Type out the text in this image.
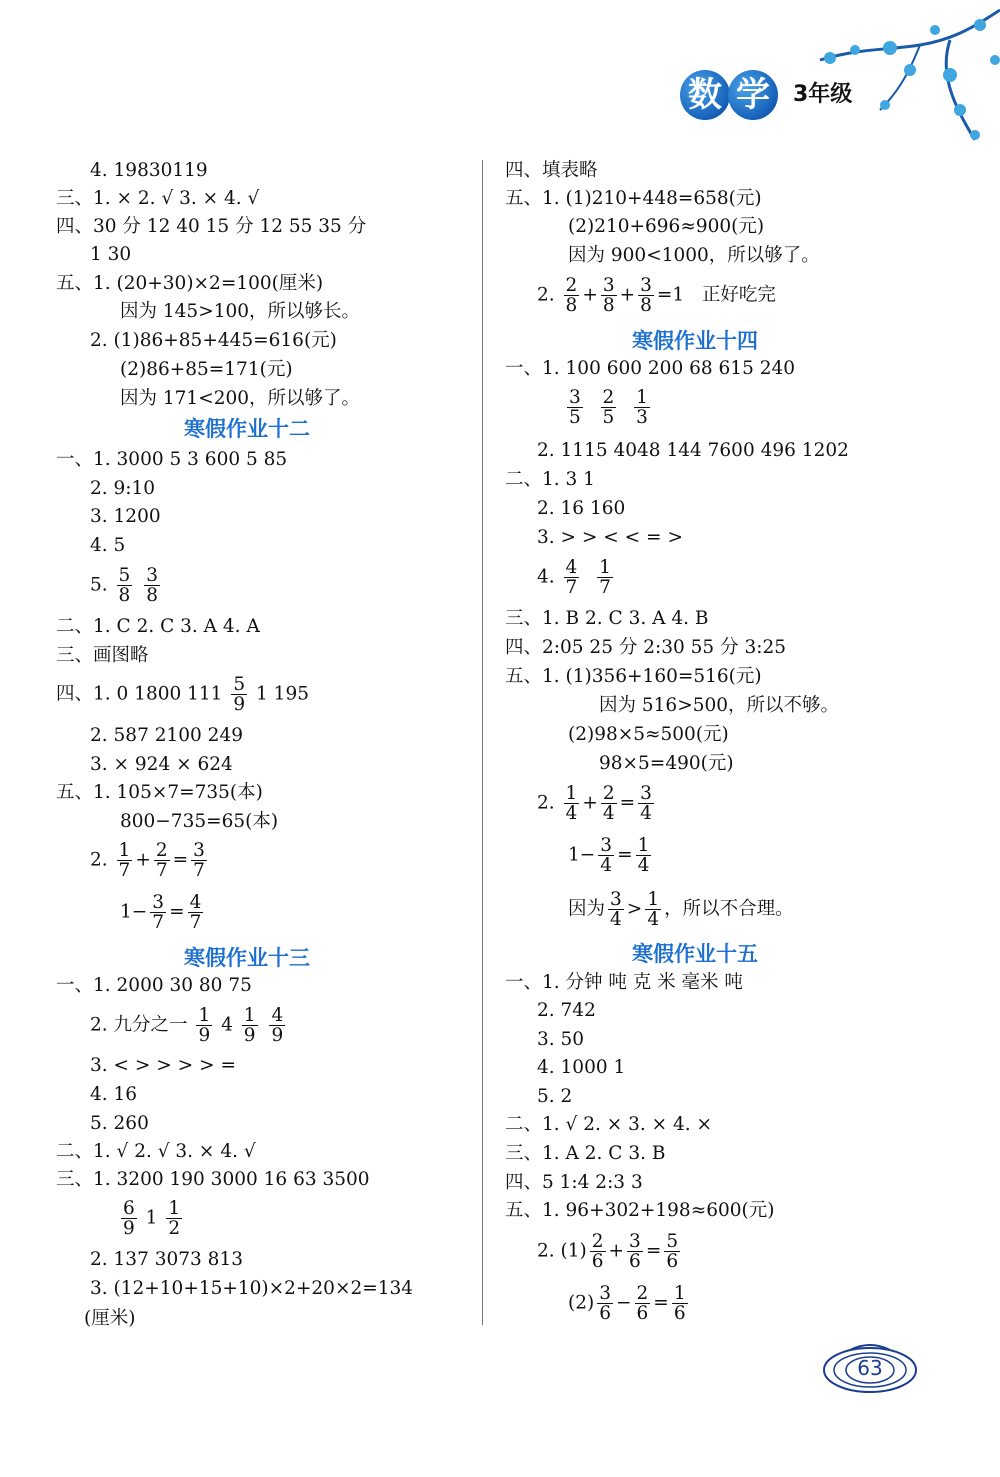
数 学	3年级
4. 19830119
三、1. × 2. √ 3. × 4. √
四、30 分 12 40 15 分 12 55 35 分
1 30
五、1. (20+30)×2=100(厘米)
因为 145>100，所以够长。
2. (1)86+85+445=616(元)
(2)86+85=171(元)
因为 171<200，所以够了。
寒假作业十二
一、1. 3000 5 3 600 5 85
2. 9:10
3. 1200
4. 5
5. $\frac{5}{8}$
$\frac{3}{8}$
二、1. C 2. C 3. A 4. A
三、画图略
四、1. 0 1800 $111 \frac{5}{9} 1$ 195
2. 587 2100 249
3. × 924 × 624
五、1. 105×7=735(本)
800−735=65(本)
2. $\frac{1}{7} + \frac{2}{7} = \frac{3}{7}$
$1- \frac{3}{7} = \frac{4}{7}$
寒假作业十三
一、1. 2000 30 80 75
2. 九分之一 $\frac{1}{9} 4 \frac{1}{9}$
$\frac{4}{9}$
3. < > > > > =
4. 16
5. 260
二、1. √ 2. √ 3. × 4. √
三、1. 3200 190 3000 16 63 3500
$\frac{6}{9} 1 \frac{1}{2}$
2. 137 3073 813
3. (12+10+15+10)×2+20×2=134
(厘米)
四、填表略
五、1. (1)210+448=658(元)
(2)210+696≈900(元)
因为 900<1000，所以够了。
2. $\frac{2}{8} + \frac{3}{8} + \frac{3}{8} =1$   正好吃完
寒假作业十四
一、1. 100 600 200 68 615 240
$\frac{3}{5}$
$\frac{2}{5}$
$\frac{1}{3}$
2. 1115 4048 144 7600 496 1202
二、1. 3 1
2. 16 160
3. > > < < = >
4. $\frac{4}{7}$
$\frac{1}{7}$
三、1. B 2. C 3. A 4. B
四、2:05 25 分 2:30 55 分 3:25
五、1. (1)356+160=516(元)
因为 516>500，所以不够。
(2)98×5≈500(元)
98×5=490(元)
2. $\frac{1}{4} + \frac{2}{4} = \frac{3}{4}$
$1- \frac{3}{4} = \frac{1}{4}$
因为 $\frac{3}{4} > \frac{1}{4}$ ，所以不合理。
寒假作业十五
一、1. 分钟 吨 克 米 毫米 吨
2. 742
3. 50
4. 1000 1
5. 2
二、1. √ 2. × 3. × 4. ×
三、1. A 2. C 3. B
四、5 1:4 2:3 3
五、1. 96+302+198≈600(元)
2. $(1) \frac{2}{6} + \frac{3}{6} = \frac{5}{6}$
$(2) \frac{3}{6} - \frac{2}{6} = \frac{1}{6}$
63
